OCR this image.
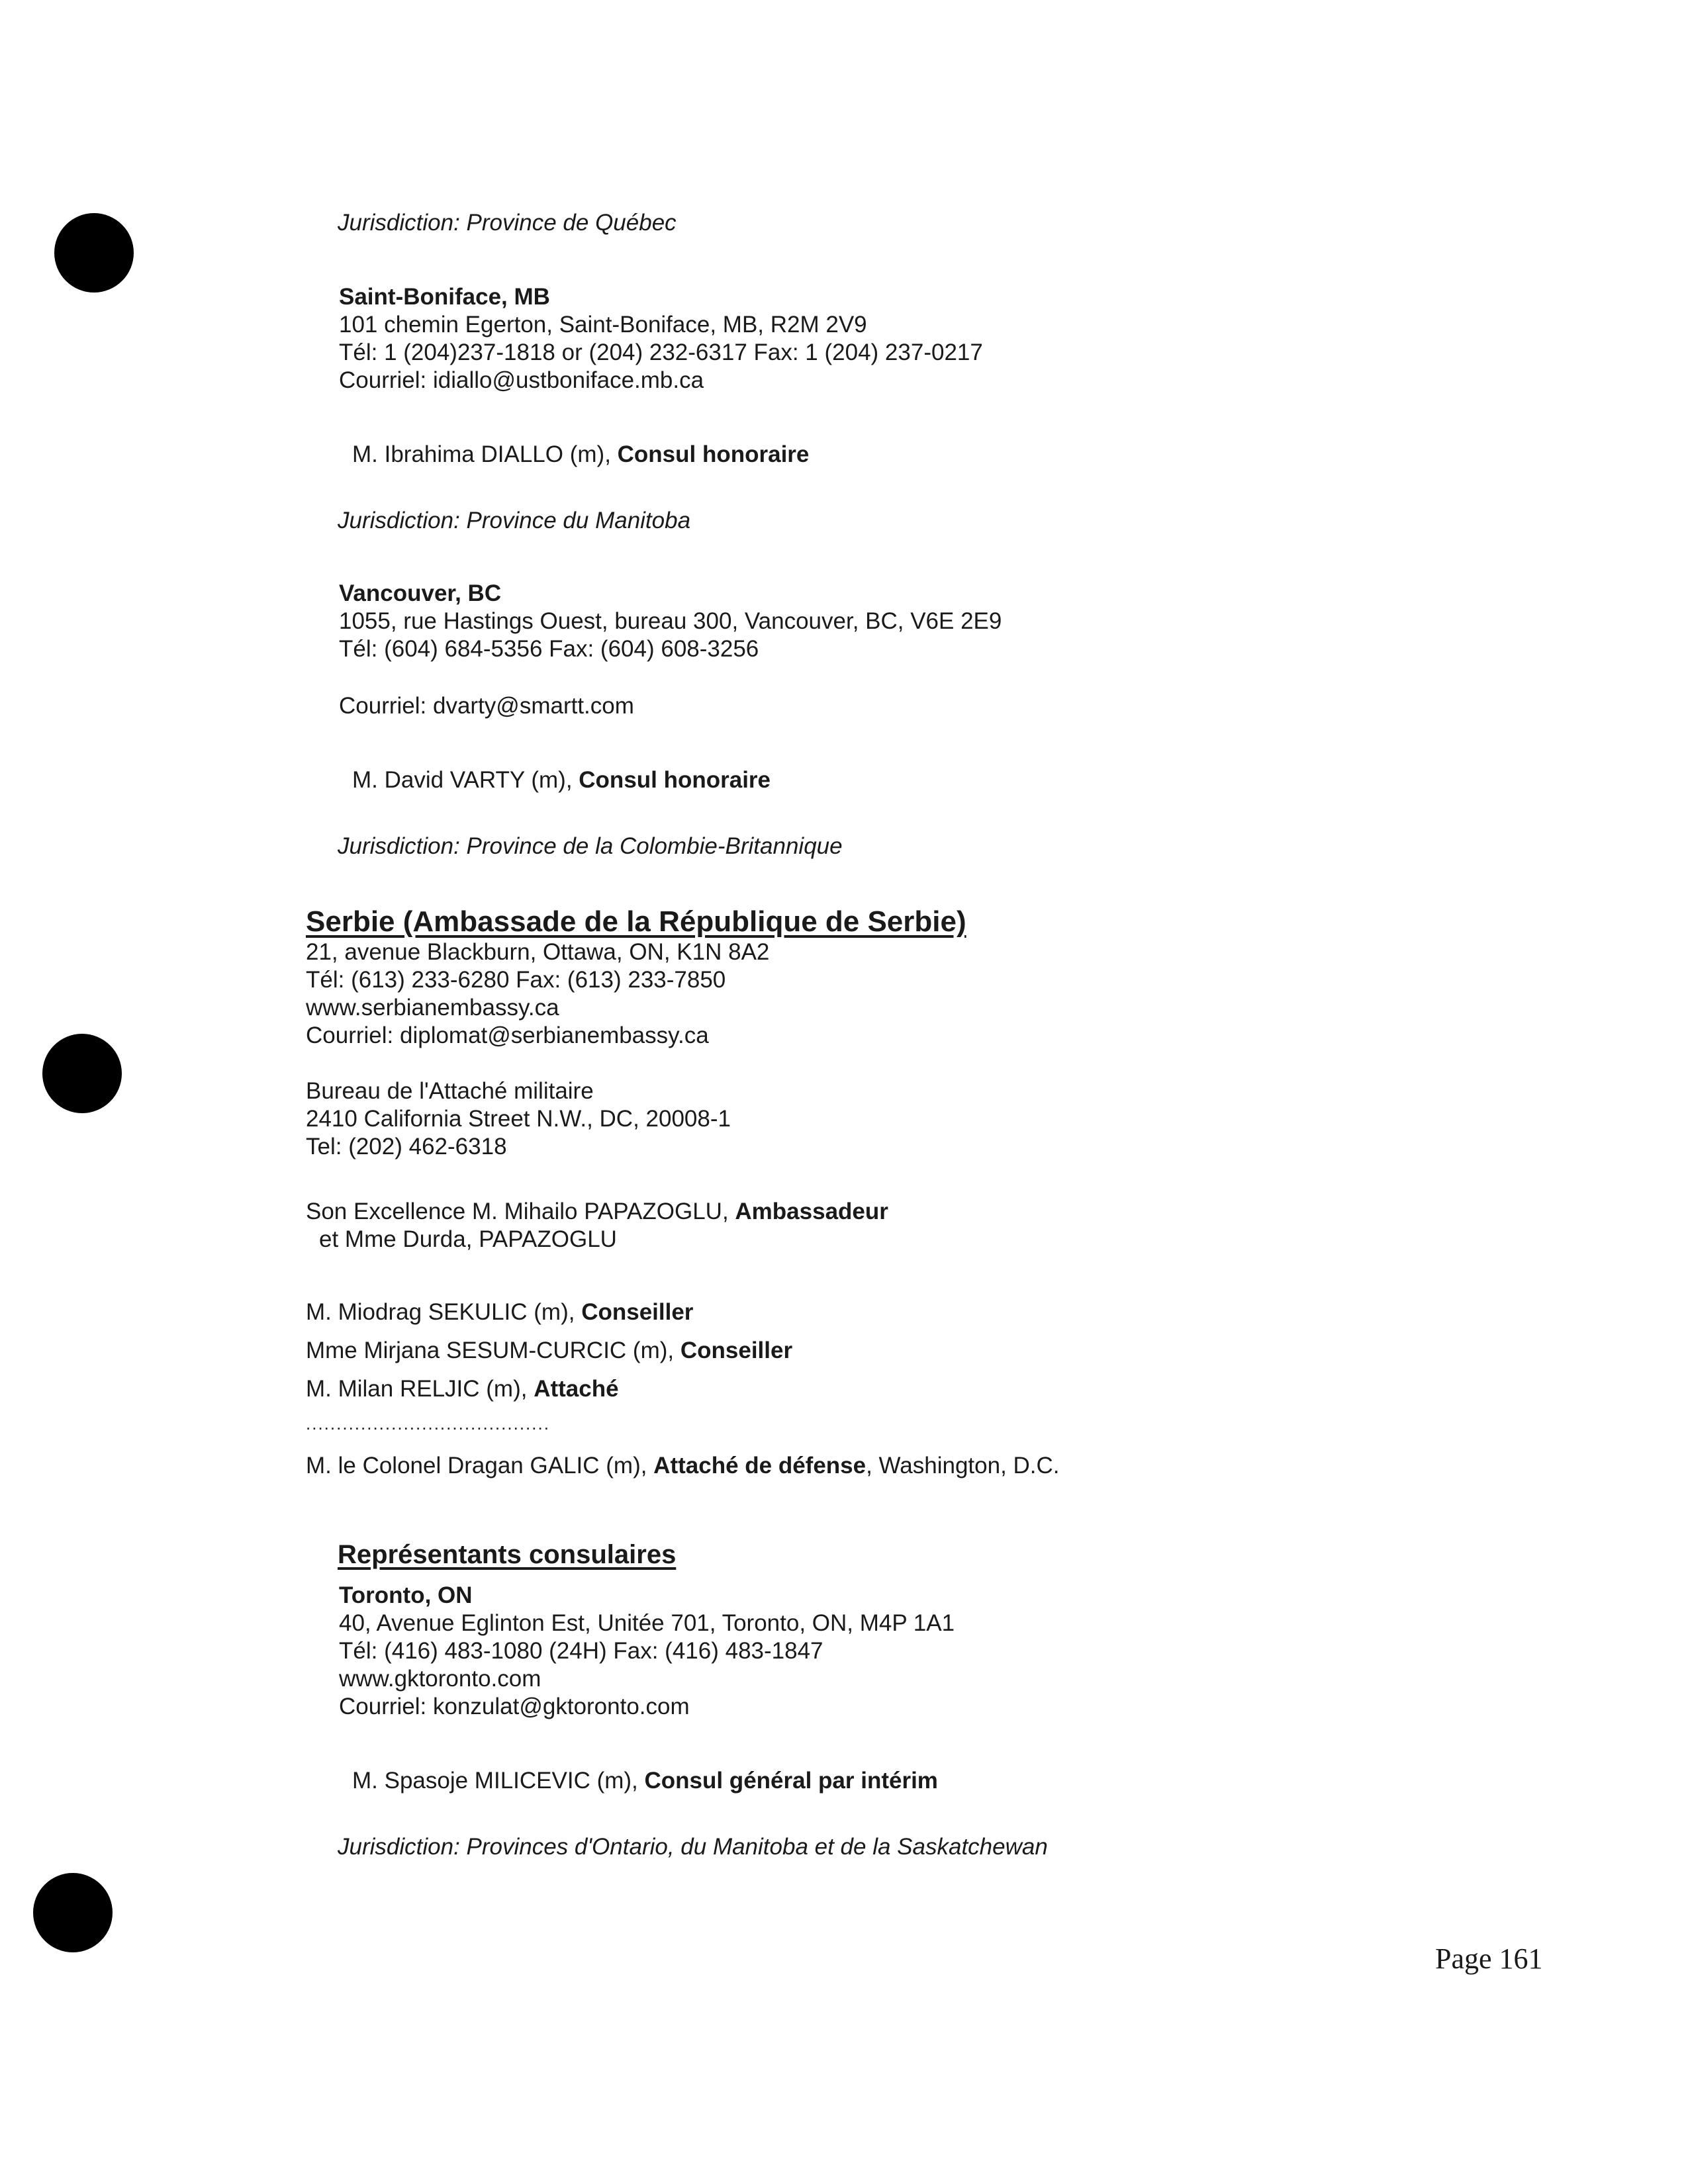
Jurisdiction: Province de Québec
Saint-Boniface, MB
101 chemin Egerton, Saint-Boniface, MB, R2M 2V9
Tél: 1 (204)237-1818 or (204) 232-6317 Fax: 1 (204) 237-0217
Courriel: idiallo@ustboniface.mb.ca
M. Ibrahima DIALLO (m), Consul honoraire
Jurisdiction: Province du Manitoba
Vancouver, BC
1055, rue Hastings Ouest, bureau 300, Vancouver, BC, V6E 2E9
Tél: (604) 684-5356 Fax: (604) 608-3256
Courriel: dvarty@smartt.com
M. David VARTY (m), Consul honoraire
Jurisdiction: Province de la Colombie-Britannique
Serbie (Ambassade de la République de Serbie)
21, avenue Blackburn, Ottawa, ON, K1N 8A2
Tél: (613) 233-6280 Fax: (613) 233-7850
www.serbianembassy.ca
Courriel: diplomat@serbianembassy.ca
Bureau de l'Attaché militaire
2410 California Street N.W., DC, 20008-1
Tel: (202) 462-6318
Son Excellence M. Mihailo PAPAZOGLU, Ambassadeur
et Mme Durda, PAPAZOGLU
M. Miodrag SEKULIC (m), Conseiller
Mme Mirjana SESUM-CURCIC (m), Conseiller
M. Milan RELJIC (m), Attaché
........................................
M. le Colonel Dragan GALIC (m), Attaché de défense, Washington, D.C.
Représentants consulaires
Toronto, ON
40, Avenue Eglinton Est, Unitée 701, Toronto, ON, M4P 1A1
Tél: (416) 483-1080 (24H) Fax: (416) 483-1847
www.gktoronto.com
Courriel: konzulat@gktoronto.com
M. Spasoje MILICEVIC (m), Consul général par intérim
Jurisdiction: Provinces d'Ontario, du Manitoba et de la Saskatchewan
Page 161
